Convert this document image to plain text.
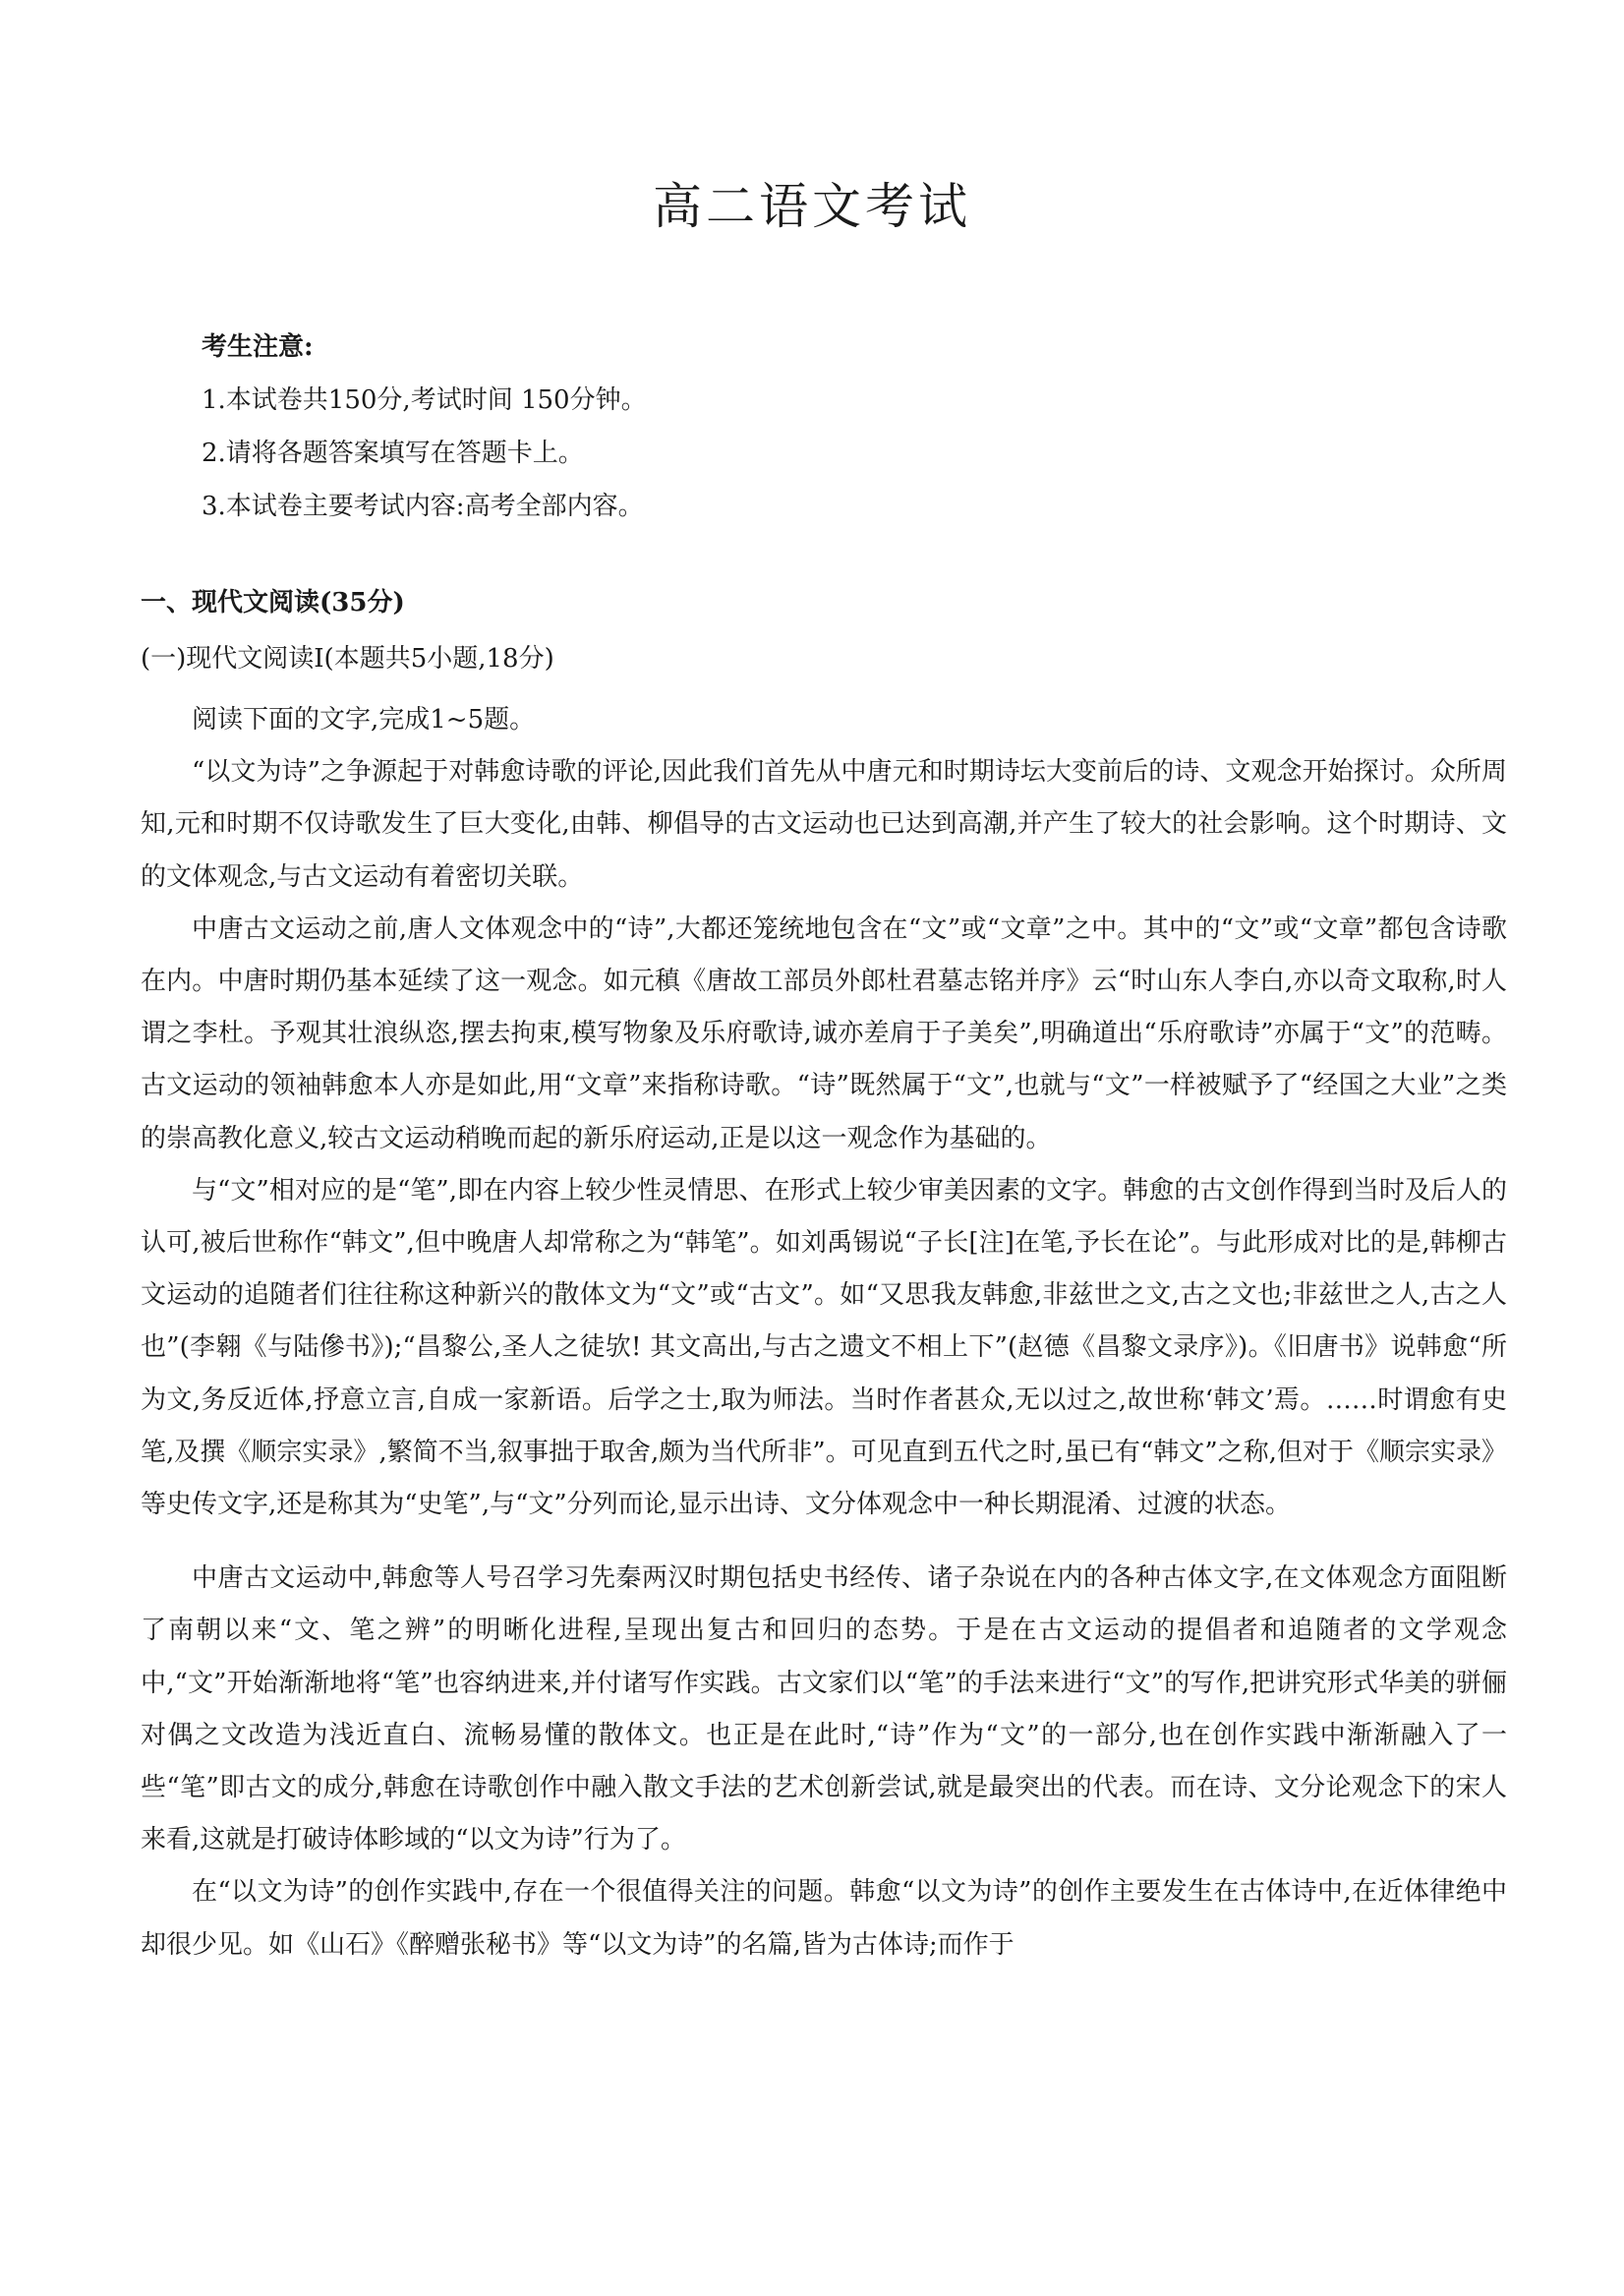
高二语文考试
考生注意:
1.本试卷共150分,考试时间 150分钟。
2.请将各题答案填写在答题卡上。
3.本试卷主要考试内容:高考全部内容。
一、现代文阅读(35分)
(一)现代文阅读Ⅰ(本题共5小题,18分)

阅读下面的文字,完成1~5题。

“以文为诗”之争源起于对韩愈诗歌的评论,因此我们首先从中唐元和时期诗坛大变前后的诗、文观念开始探讨。众所周知,元和时期不仅诗歌发生了巨大变化,由韩、柳倡导的古文运动也已达到高潮,并产生了较大的社会影响。这个时期诗、文的文体观念,与古文运动有着密切关联。

中唐古文运动之前,唐人文体观念中的“诗”,大都还笼统地包含在“文”或“文章”之中。其中的“文”或“文章”都包含诗歌在内。中唐时期仍基本延续了这一观念。如元稹《唐故工部员外郎杜君墓志铭并序》云“时山东人李白,亦以奇文取称,时人谓之李杜。予观其壮浪纵恣,摆去拘束,模写物象及乐府歌诗,诚亦差肩于子美矣”,明确道出“乐府歌诗”亦属于“文”的范畴。古文运动的领袖韩愈本人亦是如此,用“文章”来指称诗歌。“诗”既然属于“文”,也就与“文”一样被赋予了“经国之大业”之类的崇高教化意义,较古文运动稍晚而起的新乐府运动,正是以这一观念作为基础的。

与“文”相对应的是“笔”,即在内容上较少性灵情思、在形式上较少审美因素的文字。韩愈的古文创作得到当时及后人的认可,被后世称作“韩文”,但中晚唐人却常称之为“韩笔”。如刘禹锡说“子长[注]在笔,予长在论”。与此形成对比的是,韩柳古文运动的追随者们往往称这种新兴的散体文为“文”或“古文”。如“又思我友韩愈,非兹世之文,古之文也;非兹世之人,古之人也”(李翱《与陆傪书》);“昌黎公,圣人之徒欤! 其文高出,与古之遗文不相上下”(赵德《昌黎文录序》)。《旧唐书》说韩愈“所为文,务反近体,抒意立言,自成一家新语。后学之士,取为师法。当时作者甚众,无以过之,故世称‘韩文’焉。……时谓愈有史笔,及撰《顺宗实录》,繁简不当,叙事拙于取舍,颇为当代所非”。可见直到五代之时,虽已有“韩文”之称,但对于《顺宗实录》等史传文字,还是称其为“史笔”,与“文”分列而论,显示出诗、文分体观念中一种长期混淆、过渡的状态。

中唐古文运动中,韩愈等人号召学习先秦两汉时期包括史书经传、诸子杂说在内的各种古体文字,在文体观念方面阻断了南朝以来“文、笔之辨”的明晰化进程,呈现出复古和回归的态势。于是在古文运动的提倡者和追随者的文学观念中,“文”开始渐渐地将“笔”也容纳进来,并付诸写作实践。古文家们以“笔”的手法来进行“文”的写作,把讲究形式华美的骈俪对偶之文改造为浅近直白、流畅易懂的散体文。也正是在此时,“诗”作为“文”的一部分,也在创作实践中渐渐融入了一些“笔”即古文的成分,韩愈在诗歌创作中融入散文手法的艺术创新尝试,就是最突出的代表。而在诗、文分论观念下的宋人来看,这就是打破诗体畛域的“以文为诗”行为了。

在“以文为诗”的创作实践中,存在一个很值得关注的问题。韩愈“以文为诗”的创作主要发生在古体诗中,在近体律绝中却很少见。如《山石》《醉赠张秘书》等“以文为诗”的名篇,皆为古体诗;而作于
